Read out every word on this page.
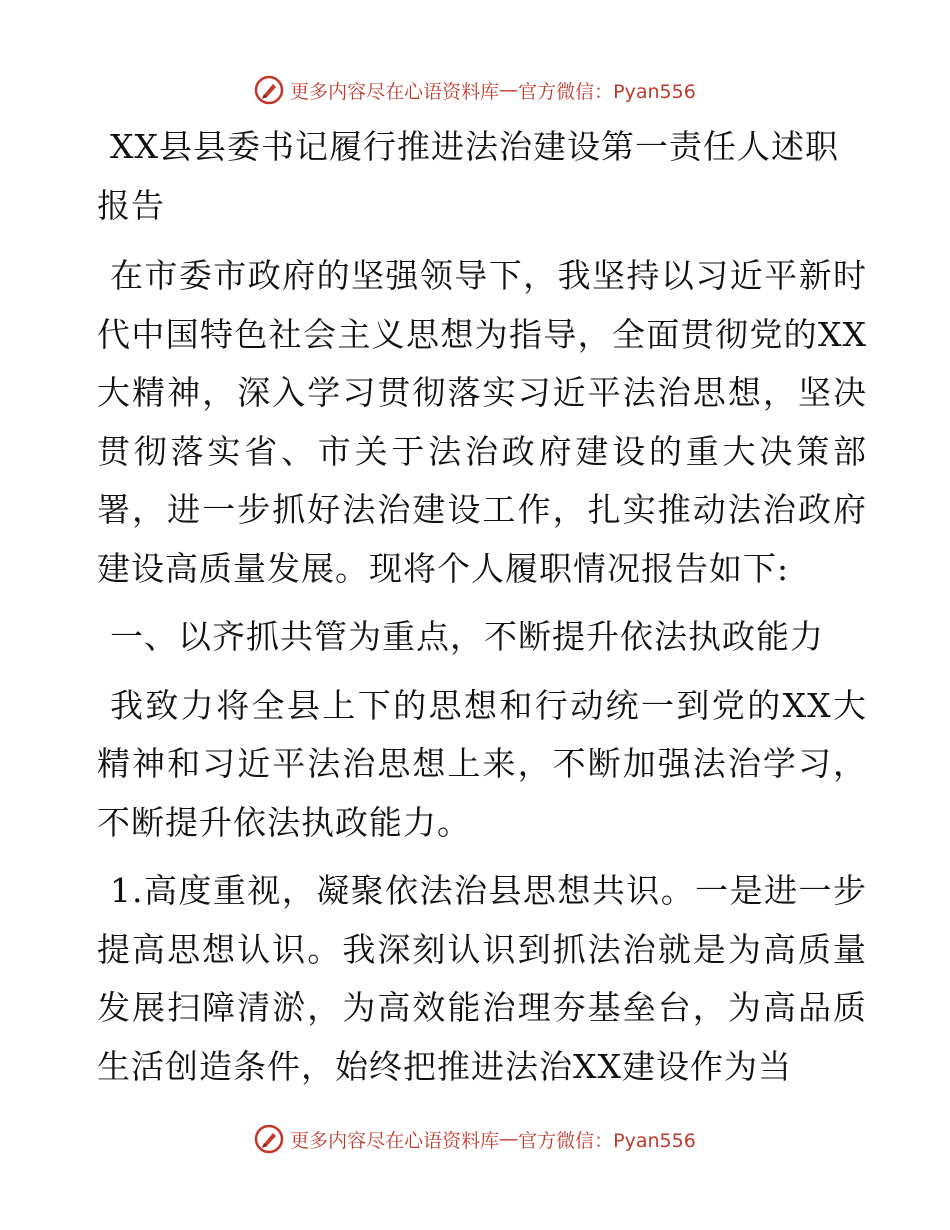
更多内容尽在心语资料库 — 官方微信：Pyan556

XX县县委书记履行推进法治建设第一责任人述职报告

在市委市政府的坚强领导下，我坚持以习近平新时代中国特色社会主义思想为指导，全面贯彻党的XX大精神，深入学习贯彻落实习近平法治思想，坚决贯彻落实省、市关于法治政府建设的重大决策部署，进一步抓好法治建设工作，扎实推动法治政府建设高质量发展。现将个人履职情况报告如下:

一、以齐抓共管为重点，不断提升依法执政能力

我致力将全县上下的思想和行动统一到党的XX大精神和习近平法治思想上来，不断加强法治学习，不断提升依法执政能力。

1.高度重视，凝聚依法治县思想共识。一是进一步提高思想认识。我深刻认识到抓法治就是为高质量发展扫障清淤，为高效能治理夯基垒台，为高品质生活创造条件，始终把推进法治XX建设作为当

更多内容尽在心语资料库 — 官方微信：Pyan556
